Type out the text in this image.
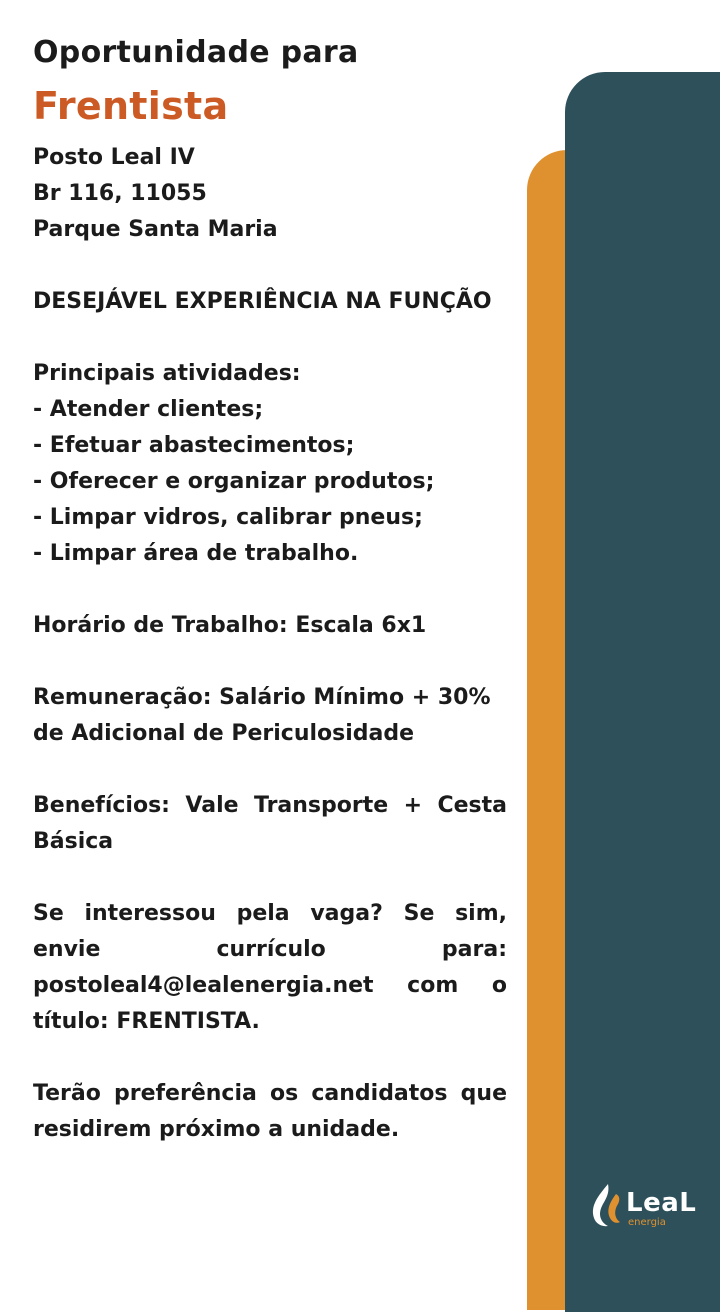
Oportunidade para
Frentista

Posto Leal IV

Br 116, 11055

Parque Santa Maria

DESEJÁVEL EXPERIÊNCIA NA FUNÇÃO

Principais atividades:

- Atender clientes;

- Efetuar abastecimentos;

- Oferecer e organizar produtos;

- Limpar vidros, calibrar pneus;

- Limpar área de trabalho.

Horário de Trabalho: Escala 6x1

Remuneração: Salário Mínimo + 30%

de Adicional de Periculosidade

Benefícios: Vale Transporte + Cesta

Básica

Se interessou pela vaga? Se sim,

envie currículo para:

postoleal4@lealenergia.net com o

título: FRENTISTA.

Terão preferência os candidatos que

residirem próximo a unidade.

LeaL
energia
